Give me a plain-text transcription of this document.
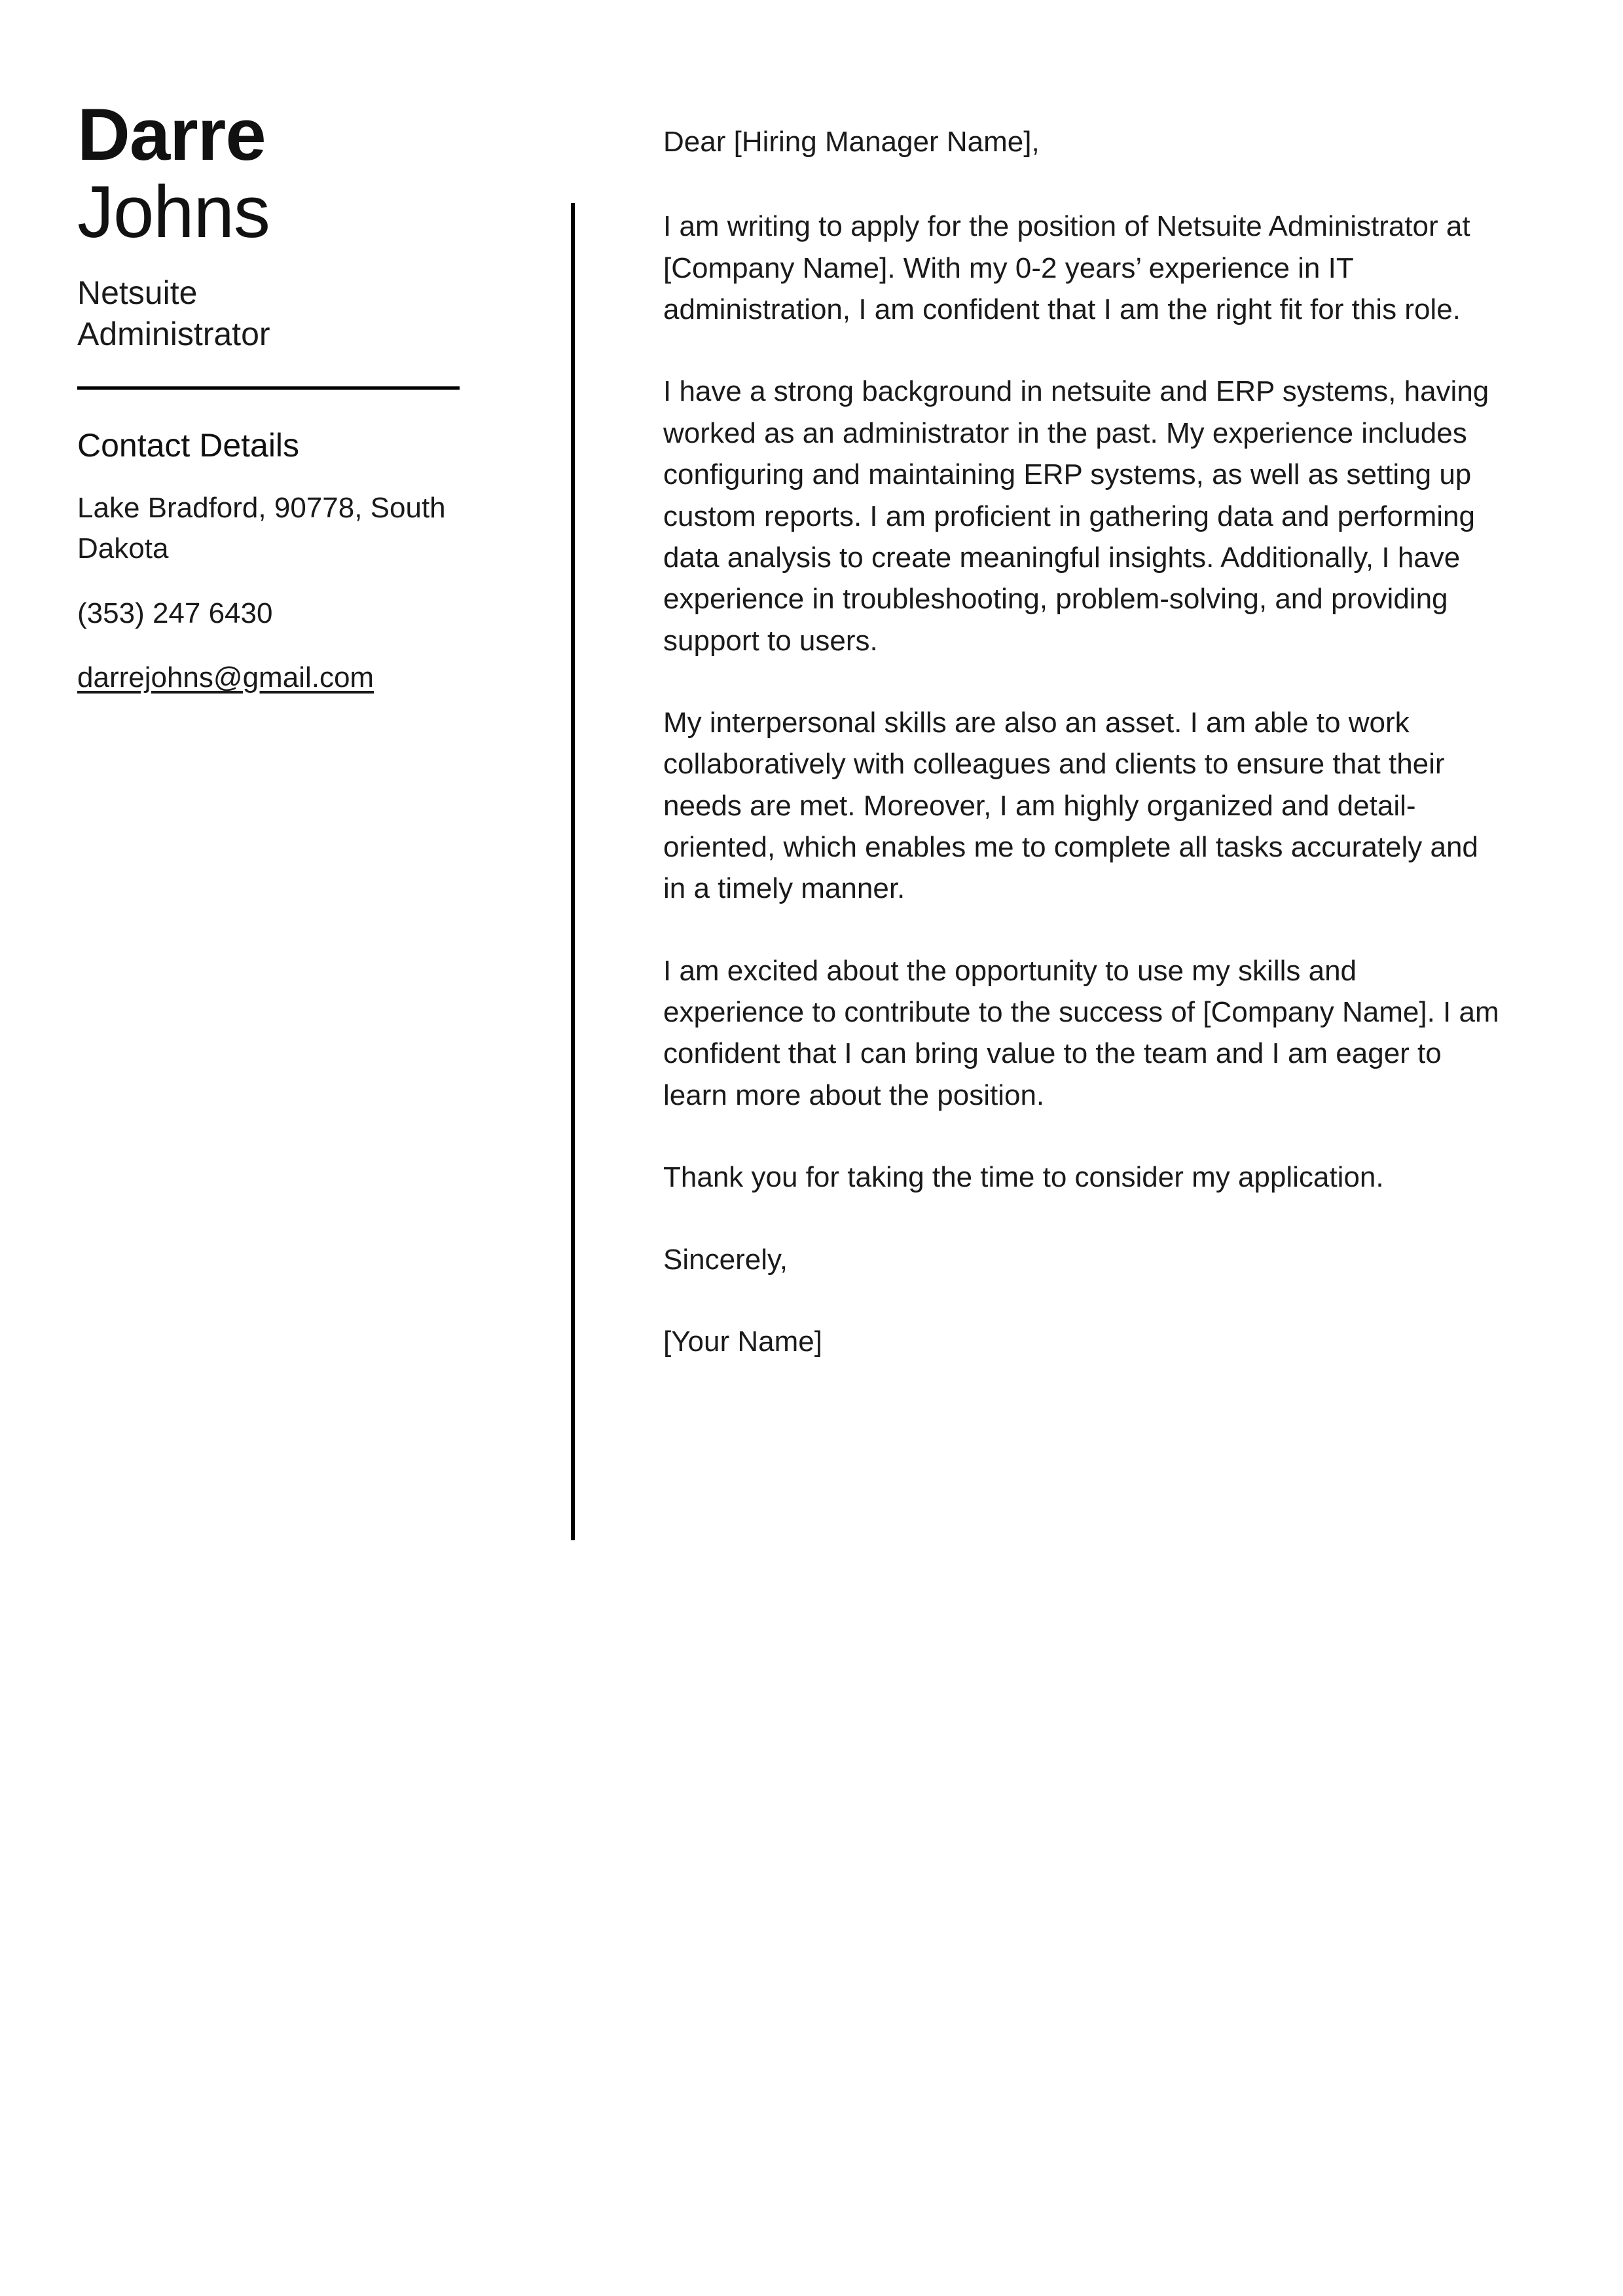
Darre
Johns
Netsuite Administrator
Contact Details
Lake Bradford, 90778, South Dakota
(353) 247 6430
darrejohns@gmail.com

Dear [Hiring Manager Name],

I am writing to apply for the position of Netsuite Administrator at [Company Name]. With my 0-2 years’ experience in IT administration, I am confident that I am the right fit for this role.

I have a strong background in netsuite and ERP systems, having worked as an administrator in the past. My experience includes configuring and maintaining ERP systems, as well as setting up custom reports. I am proficient in gathering data and performing data analysis to create meaningful insights. Additionally, I have experience in troubleshooting, problem-solving, and providing support to users.

My interpersonal skills are also an asset. I am able to work collaboratively with colleagues and clients to ensure that their needs are met. Moreover, I am highly organized and detail-oriented, which enables me to complete all tasks accurately and in a timely manner.

I am excited about the opportunity to use my skills and experience to contribute to the success of [Company Name]. I am confident that I can bring value to the team and I am eager to learn more about the position.

Thank you for taking the time to consider my application.

Sincerely,

[Your Name]
